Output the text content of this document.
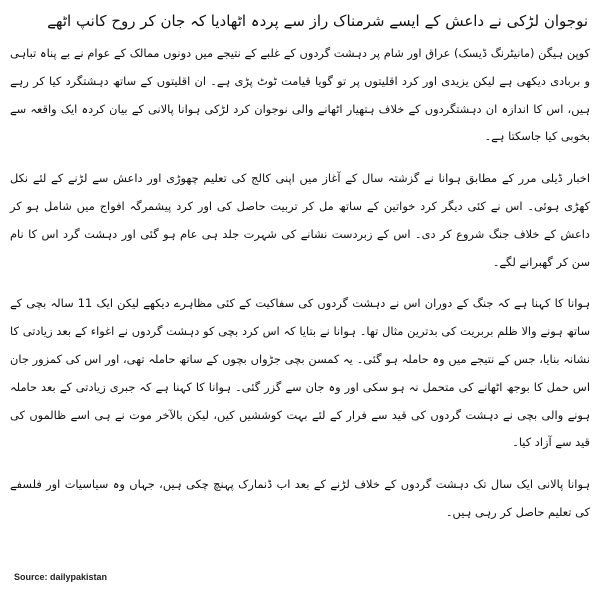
نوجوان لڑکی نے داعش کے ایسے شرمناک راز سے پردہ اٹھادیا کہ جان کر روح کانپ اٹھے

کوپن ہیگن (مانیٹرنگ ڈیسک) عراق اور شام پر دہشت گردوں کے غلبے کے نتیجے میں دونوں ممالک کے عوام نے بے پناہ تباہی و بربادی دیکھی ہے لیکن یزیدی اور کرد اقلیتوں پر تو گویا قیامت ٹوٹ پڑی ہے۔ ان اقلیتوں کے ساتھ دہشتگرد کیا کر رہے ہیں، اس کا اندازہ ان دہشتگردوں کے خلاف ہتھیار اٹھانے والی نوجوان کرد لڑکی ہوانا پالانی کے بیان کردہ ایک واقعہ سے بخوبی کیا جاسکتا ہے۔

اخبار ڈیلی مرر کے مطابق ہوانا نے گزشتہ سال کے آغاز میں اپنی کالج کی تعلیم چھوڑی اور داعش سے لڑنے کے لئے نکل کھڑی ہوئی۔ اس نے کئی دیگر کرد خواتین کے ساتھ مل کر تربیت حاصل کی اور کرد پیشمرگہ افواج میں شامل ہو کر داعش کے خلاف جنگ شروع کر دی۔ اس کے زبردست نشانے کی شہرت جلد ہی عام ہو گئی اور دہشت گرد اس کا نام سن کر گھبرانے لگے۔

ہوانا کا کہنا ہے کہ جنگ کے دوران اس نے دہشت گردوں کی سفاکیت کے کئی مظاہرے دیکھے لیکن ایک 11 سالہ بچی کے ساتھ ہونے والا ظلم بربریت کی بدترین مثال تھا۔ ہوانا نے بتایا کہ اس کرد بچی کو دہشت گردوں نے اغواء کے بعد زیادتی کا نشانہ بنایا، جس کے نتیجے میں وہ حاملہ ہو گئی۔ یہ کمسن بچی جڑواں بچوں کے ساتھ حاملہ تھی، اور اس کی کمزور جان اس حمل کا بوجھ اٹھانے کی متحمل نہ ہو سکی اور وہ جان سے گزر گئی۔ ہوانا کا کہنا ہے کہ جبری زیادتی کے بعد حاملہ ہونے والی بچی نے دہشت گردوں کی قید سے فرار کے لئے بہت کوششیں کیں، لیکن بالآخر موت نے ہی اسے ظالموں کی قید سے آزاد کیا۔

ہوانا پالانی ایک سال تک دہشت گردوں کے خلاف لڑنے کے بعد اب ڈنمارک پہنچ چکی ہیں، جہاں وہ سیاسیات اور فلسفے کی تعلیم حاصل کر رہی ہیں۔

Source: dailypakistan
